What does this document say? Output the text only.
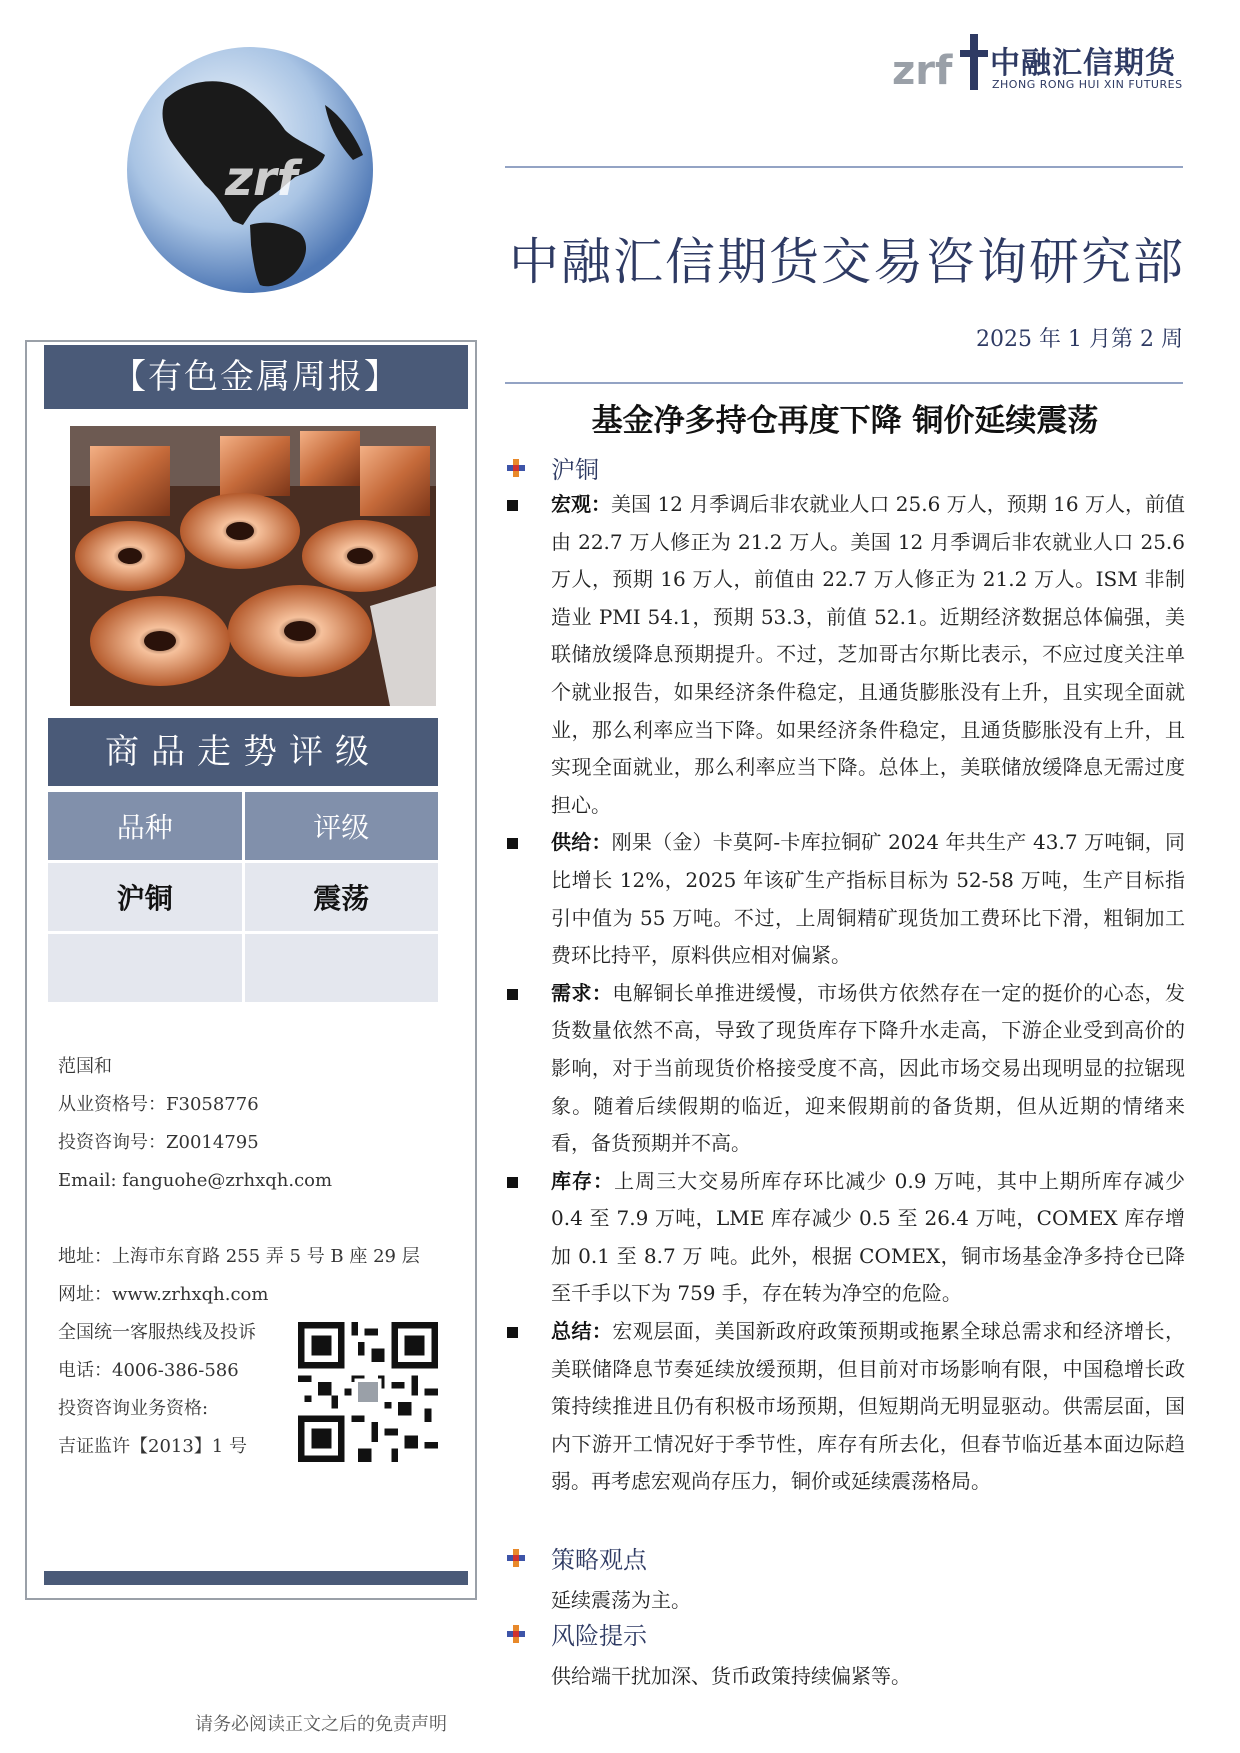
zrf
zrf 中融汇信期货
ZHONG RONG HUI XIN FUTURES
中融汇信期货交易咨询研究部
2025 年 1 月第 2 周
【有色金属周报】
商品走势评级
品种	评级
沪铜	震荡
范国和
从业资格号：F3058776
投资咨询号：Z0014795
Email: fanguohe@zrhxqh.com
地址：上海市东育路 255 弄 5 号 B 座 29 层
网址：www.zrhxqh.com
全国统一客服热线及投诉
电话：4006-386-586
投资咨询业务资格:
吉证监许【2013】1 号
基金净多持仓再度下降 铜价延续震荡
沪铜
宏观：美国 12 月季调后非农就业人口 25.6 万人，预期 16 万人，前值由 22.7 万人修正为 21.2 万人。美国 12 月季调后非农就业人口 25.6 万人，预期 16 万人，前值由 22.7 万人修正为 21.2 万人。ISM 非制造业 PMI 54.1，预期 53.3，前值 52.1。近期经济数据总体偏强，美联储放缓降息预期提升。不过，芝加哥古尔斯比表示，不应过度关注单个就业报告，如果经济条件稳定，且通货膨胀没有上升，且实现全面就业，那么利率应当下降。如果经济条件稳定，且通货膨胀没有上升，且实现全面就业，那么利率应当下降。总体上，美联储放缓降息无需过度担心。
供给：刚果（金）卡莫阿-卡库拉铜矿 2024 年共生产 43.7 万吨铜，同比增长 12%，2025 年该矿生产指标目标为 52-58 万吨，生产目标指引中值为 55 万吨。不过，上周铜精矿现货加工费环比下滑，粗铜加工费环比持平，原料供应相对偏紧。
需求：电解铜长单推进缓慢，市场供方依然存在一定的挺价的心态，发货数量依然不高，导致了现货库存下降升水走高，下游企业受到高价的影响，对于当前现货价格接受度不高，因此市场交易出现明显的拉锯现象。随着后续假期的临近，迎来假期前的备货期，但从近期的情绪来看，备货预期并不高。
库存：上周三大交易所库存环比减少 0.9 万吨，其中上期所库存减少 0.4 至 7.9 万吨，LME 库存减少 0.5 至 26.4 万吨，COMEX 库存增加 0.1 至 8.7 万 吨。此外，根据 COMEX，铜市场基金净多持仓已降至千手以下为 759 手，存在转为净空的危险。
总结：宏观层面，美国新政府政策预期或拖累全球总需求和经济增长，美联储降息节奏延续放缓预期，但目前对市场影响有限，中国稳增长政策持续推进且仍有积极市场预期，但短期尚无明显驱动。供需层面，国内下游开工情况好于季节性，库存有所去化，但春节临近基本面边际趋弱。再考虑宏观尚存压力，铜价或延续震荡格局。
策略观点
延续震荡为主。
风险提示
供给端干扰加深、货币政策持续偏紧等。
请务必阅读正文之后的免责声明
